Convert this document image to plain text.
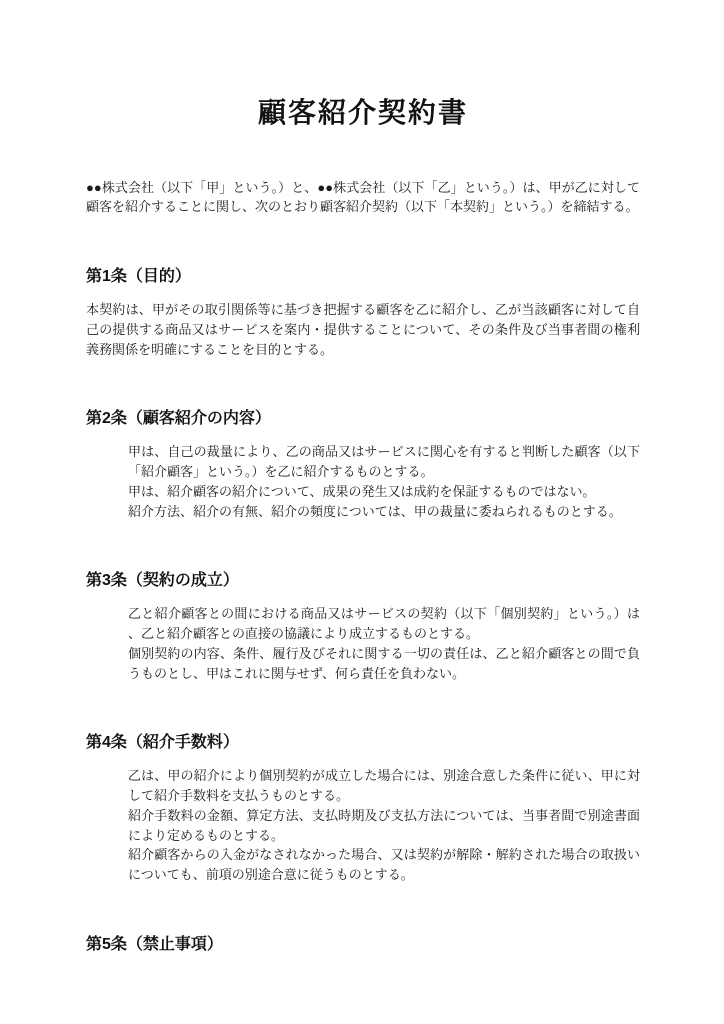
顧客紹介契約書

●●株式会社（以下「甲」という。）と、●●株式会社（以下「乙」という。）は、甲が乙に対して顧客を紹介することに関し、次のとおり顧客紹介契約（以下「本契約」という。）を締結する。

第1条（目的）

本契約は、甲がその取引関係等に基づき把握する顧客を乙に紹介し、乙が当該顧客に対して自己の提供する商品又はサービスを案内・提供することについて、その条件及び当事者間の権利義務関係を明確にすることを目的とする。

第2条（顧客紹介の内容）

甲は、自己の裁量により、乙の商品又はサービスに関心を有すると判断した顧客（以下「紹介顧客」という。）を乙に紹介するものとする。

甲は、紹介顧客の紹介について、成果の発生又は成約を保証するものではない。

紹介方法、紹介の有無、紹介の頻度については、甲の裁量に委ねられるものとする。

第3条（契約の成立）

乙と紹介顧客との間における商品又はサービスの契約（以下「個別契約」という。）は、乙と紹介顧客との直接の協議により成立するものとする。

個別契約の内容、条件、履行及びそれに関する一切の責任は、乙と紹介顧客との間で負うものとし、甲はこれに関与せず、何ら責任を負わない。

第4条（紹介手数料）

乙は、甲の紹介により個別契約が成立した場合には、別途合意した条件に従い、甲に対して紹介手数料を支払うものとする。

紹介手数料の金額、算定方法、支払時期及び支払方法については、当事者間で別途書面により定めるものとする。

紹介顧客からの入金がなされなかった場合、又は契約が解除・解約された場合の取扱いについても、前項の別途合意に従うものとする。

第5条（禁止事項）
